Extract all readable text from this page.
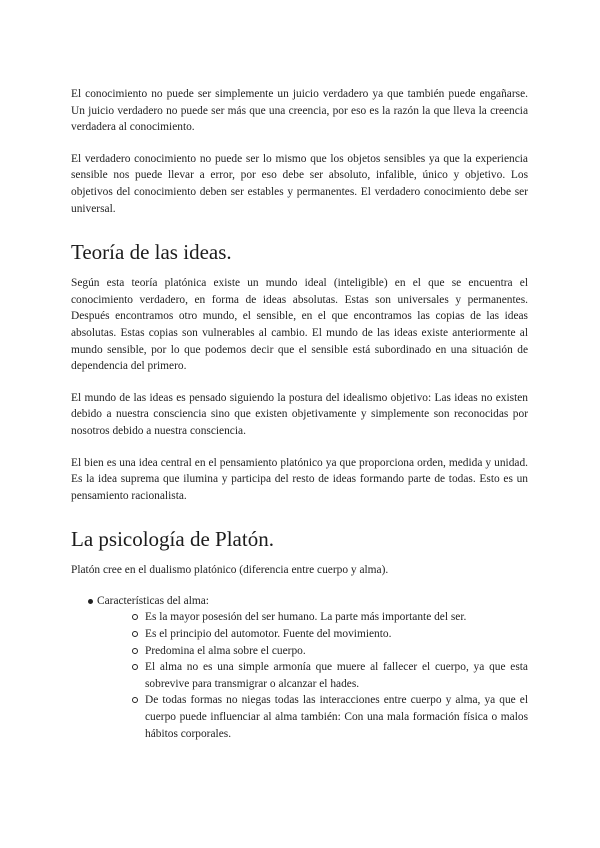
El conocimiento no puede ser simplemente un juicio verdadero ya que también puede engañarse. Un juicio verdadero no puede ser más que una creencia, por eso es la razón la que lleva la creencia verdadera al conocimiento.

El verdadero conocimiento no puede ser lo mismo que los objetos sensibles ya que la experiencia sensible nos puede llevar a error, por eso debe ser absoluto, infalible, único y objetivo. Los objetivos del conocimiento deben ser estables y permanentes. El verdadero conocimiento debe ser universal.

Teoría de las ideas.

Según esta teoría platónica existe un mundo ideal (inteligible) en el que se encuentra el conocimiento verdadero, en forma de ideas absolutas. Estas son universales y permanentes. Después encontramos otro mundo, el sensible, en el que encontramos las copias de las ideas absolutas. Estas copias son vulnerables al cambio. El mundo de las ideas existe anteriormente al mundo sensible, por lo que podemos decir que el sensible está subordinado en una situación de dependencia del primero.

El mundo de las ideas es pensado siguiendo la postura del idealismo objetivo: Las ideas no existen debido a nuestra consciencia sino que existen objetivamente y simplemente son reconocidas por nosotros debido a nuestra consciencia.

El bien es una idea central en el pensamiento platónico ya que proporciona orden, medida y unidad. Es la idea suprema que ilumina y participa del resto de ideas formando parte de todas. Esto es un pensamiento racionalista.

La psicología de Platón.

Platón cree en el dualismo platónico (diferencia entre cuerpo y alma).

Características del alma:
Es la mayor posesión del ser humano. La parte más importante del ser.
Es el principio del automotor. Fuente del movimiento.
Predomina el alma sobre el cuerpo.
El alma no es una simple armonía que muere al fallecer el cuerpo, ya que esta sobrevive para transmigrar o alcanzar el hades.
De todas formas no niegas todas las interacciones entre cuerpo y alma, ya que el cuerpo puede influenciar al alma también: Con una mala formación física o malos hábitos corporales.
